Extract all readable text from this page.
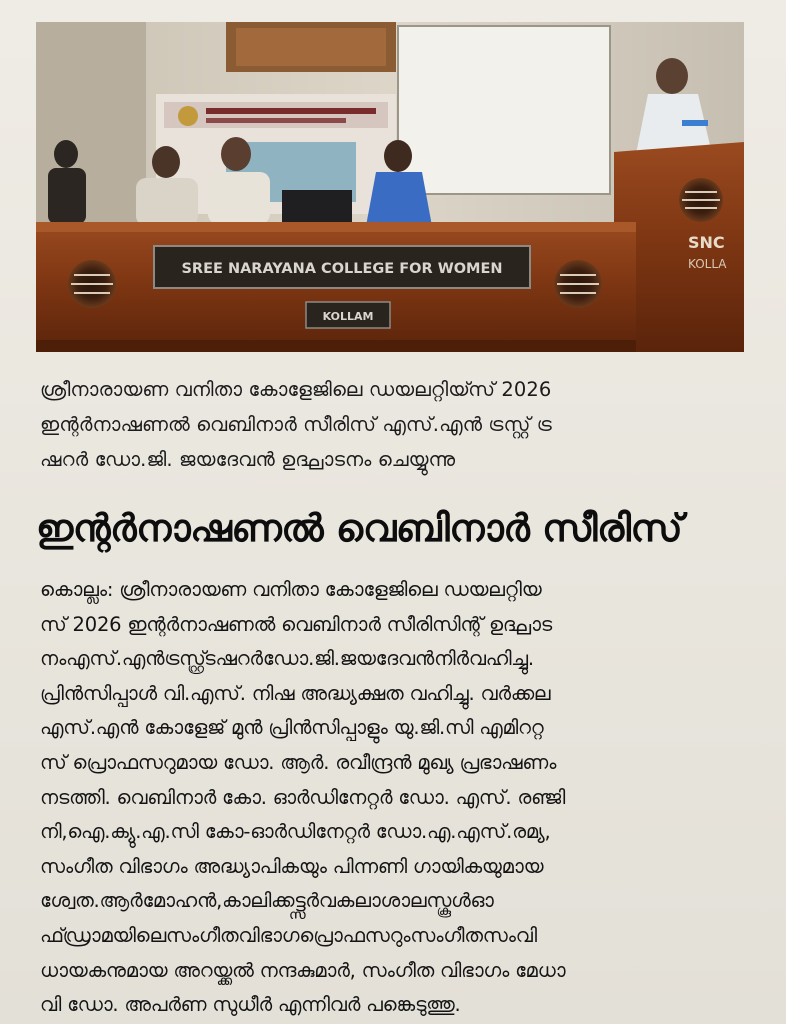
SNC
KOLLA
SREE NARAYANA COLLEGE FOR WOMEN
KOLLAM
ശ്രീനാരായണ വനിതാ കോളേജിലെ ഡയലറ്റിയ്സ് 2026
ഇന്റർനാഷണൽ വെബിനാർ സീരിസ് എസ്.എൻ ട്രസ്റ്റ് ട്ര
ഷറർ ഡോ.ജി. ജയദേവൻ ഉദ്ഘാടനം ചെയ്യുന്നു
ഇന്റർനാഷണൽ വെബിനാർ സീരിസ്
കൊല്ലം: ശ്രീനാരായണ വനിതാ കോളേജിലെ ഡയലറ്റിയ
സ് 2026 ഇന്റർനാഷണൽ വെബിനാർ സീരിസിന്റ് ഉദ്ഘാട
നംഎസ്.എൻട്രസ്റ്റ്ട്രഷറർഡോ.ജി.ജയദേവൻനിർവഹിച്ചു.
പ്രിൻസിപ്പാൾ വി.എസ്. നിഷ അദ്ധ്യക്ഷത വഹിച്ചു. വർക്കല
എസ്.എൻ കോളേജ് മുൻ പ്രിൻസിപ്പാളും യു.ജി.സി എമിററ്റ
സ് പ്രൊഫസറുമായ ഡോ. ആർ. രവീന്ദ്രൻ മുഖ്യ പ്രഭാഷണം
നടത്തി. വെബിനാർ കോ. ഓർഡിനേറ്റർ ഡോ. എസ്. രഞ്ജി
നി,ഐ.ക്യു.എ.സി കോ-ഓർഡിനേറ്റർ ഡോ.എ.എസ്.രമ്യ,
സംഗീത വിഭാഗം അദ്ധ്യാപികയും പിന്നണി ഗായികയുമായ
ശ്വേത.ആർമോഹൻ,കാലിക്കട്ട്സർവകലാശാലസ്കൂൾഓ
ഫ്ഡ്രാമയിലെസംഗീതവിഭാഗപ്രൊഫസറുംസംഗീതസംവി
ധായകനുമായ അറയ്ക്കൽ നന്ദകുമാർ, സംഗീത വിഭാഗം മേധാ
വി ഡോ. അപർണ സുധീർ എന്നിവർ പങ്കെടുത്തു.
